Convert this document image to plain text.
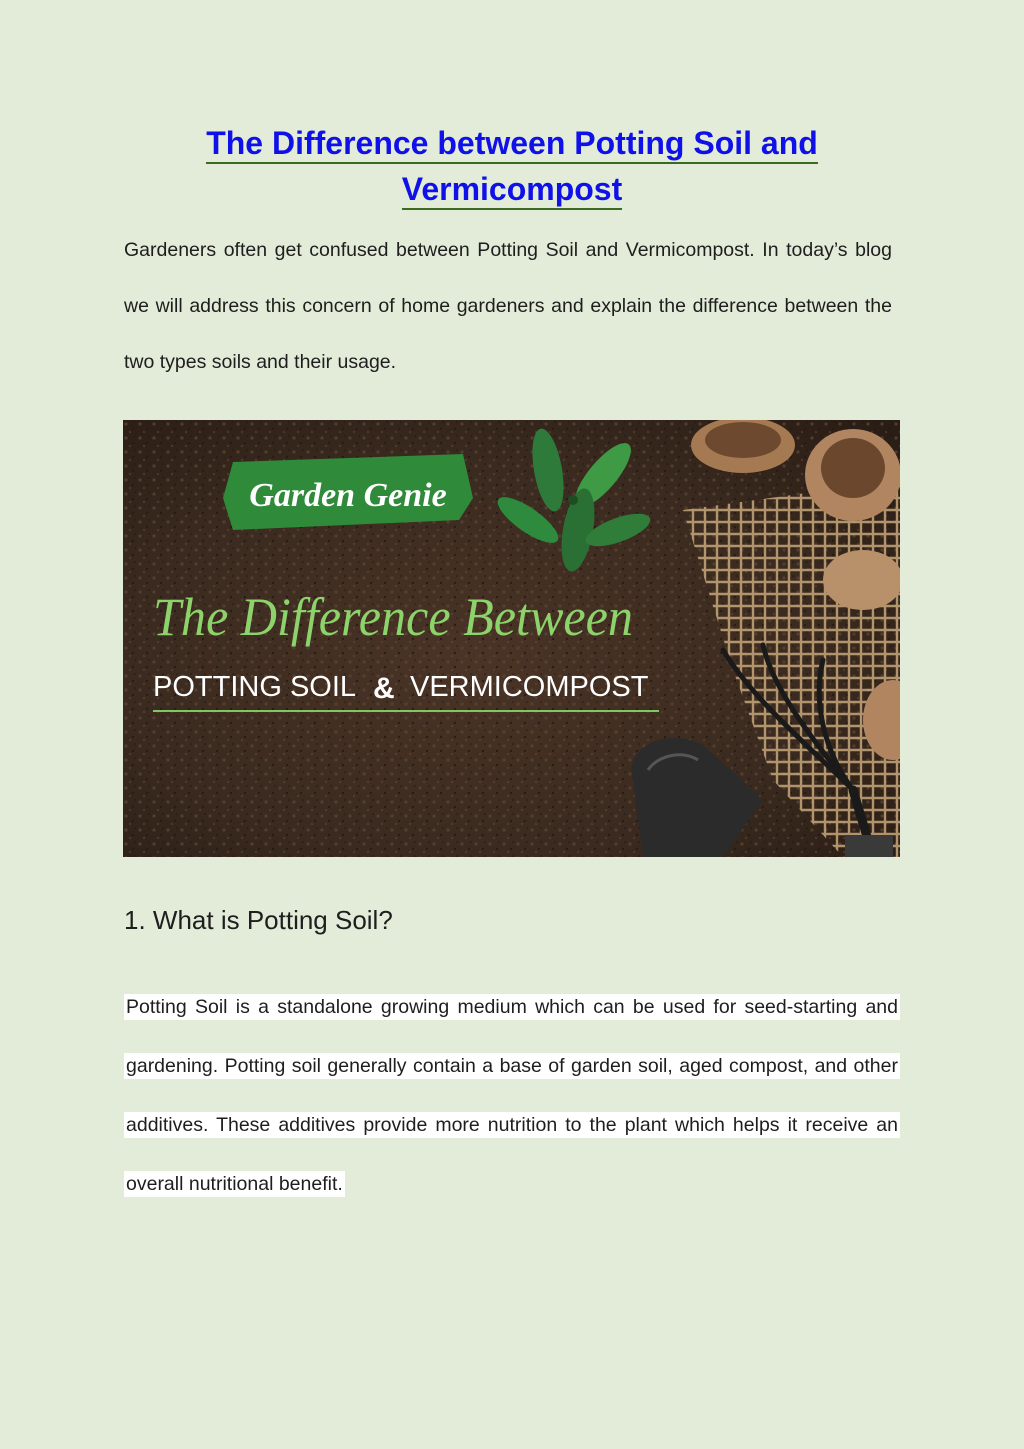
The Difference between Potting Soil and Vermicompost

Gardeners often get confused between Potting Soil and Vermicompost. In today’s blog we will address this concern of home gardeners and explain the difference between the two types soils and their usage.

Garden Genie
The Difference Between
POTTING SOIL & VERMICOMPOST
1. What is Potting Soil?

Potting Soil is a standalone growing medium which can be used for seed-starting and gardening. Potting soil generally contain a base of garden soil, aged compost, and other additives. These additives provide more nutrition to the plant which helps it receive an overall nutritional benefit.
